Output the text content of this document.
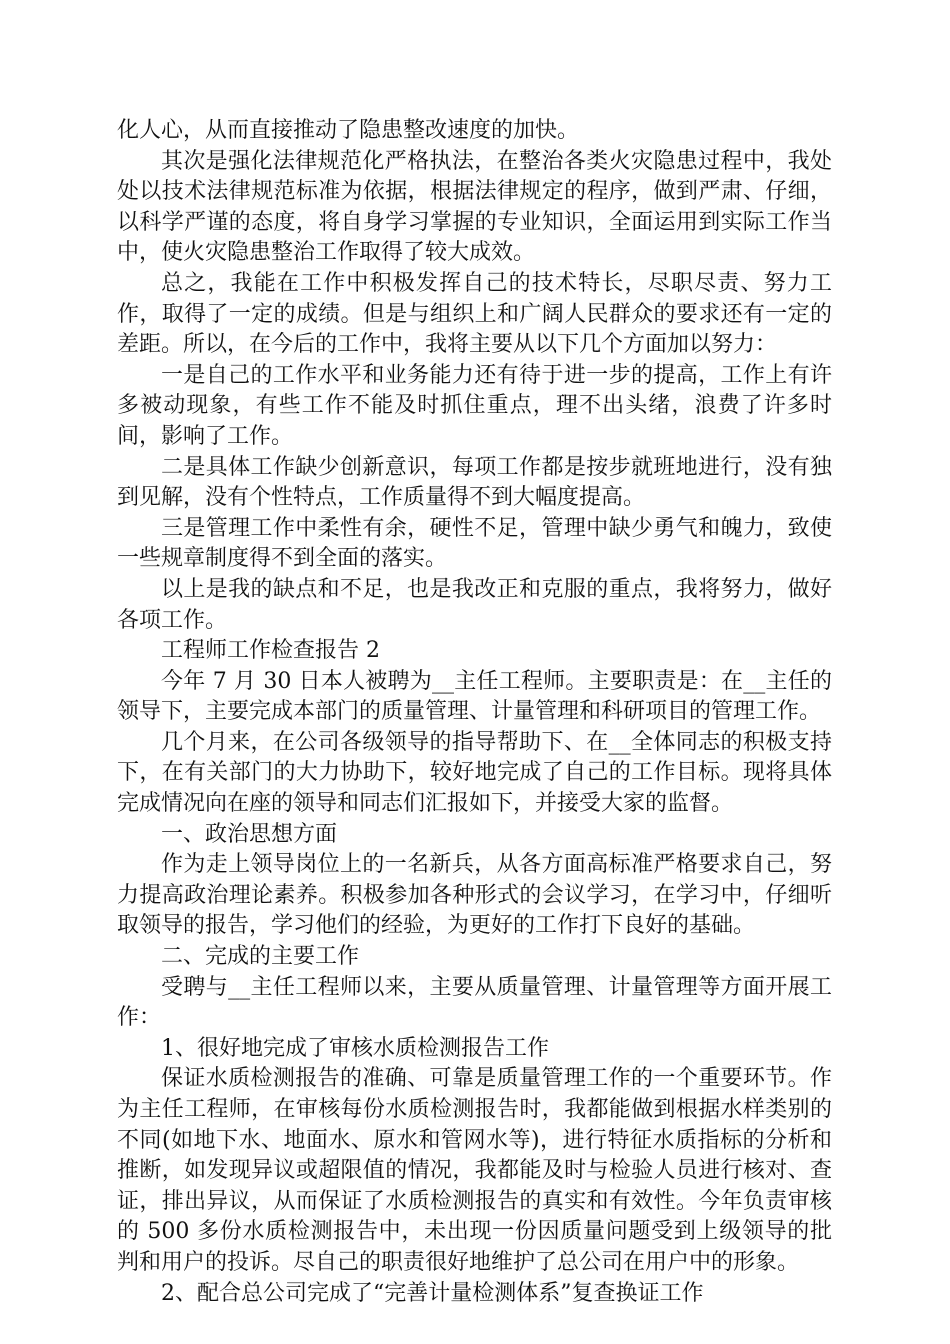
化人心，从而直接推动了隐患整改速度的加快。

其次是强化法律规范化严格执法，在整治各类火灾隐患过程中，我处处以技术法律规范标准为依据，根据法律规定的程序，做到严肃、仔细，以科学严谨的态度，将自身学习掌握的专业知识，全面运用到实际工作当中，使火灾隐患整治工作取得了较大成效。

总之，我能在工作中积极发挥自己的技术特长，尽职尽责、努力工作，取得了一定的成绩。但是与组织上和广阔人民群众的要求还有一定的差距。所以，在今后的工作中，我将主要从以下几个方面加以努力：

一是自己的工作水平和业务能力还有待于进一步的提高，工作上有许多被动现象，有些工作不能及时抓住重点，理不出头绪，浪费了许多时间，影响了工作。

二是具体工作缺少创新意识，每项工作都是按步就班地进行，没有独到见解，没有个性特点，工作质量得不到大幅度提高。

三是管理工作中柔性有余，硬性不足，管理中缺少勇气和魄力，致使一些规章制度得不到全面的落实。

以上是我的缺点和不足，也是我改正和克服的重点，我将努力，做好各项工作。

工程师工作检查报告 2

今年 7 月 30 日本人被聘为__主任工程师。主要职责是：在__主任的领导下，主要完成本部门的质量管理、计量管理和科研项目的管理工作。

几个月来，在公司各级领导的指导帮助下、在__全体同志的积极支持下，在有关部门的大力协助下，较好地完成了自己的工作目标。现将具体完成情况向在座的领导和同志们汇报如下，并接受大家的监督。

一、政治思想方面

作为走上领导岗位上的一名新兵，从各方面高标准严格要求自己，努力提高政治理论素养。积极参加各种形式的会议学习，在学习中，仔细听取领导的报告，学习他们的经验，为更好的工作打下良好的基础。

二、完成的主要工作

受聘与__主任工程师以来，主要从质量管理、计量管理等方面开展工作：

1、很好地完成了审核水质检测报告工作

保证水质检测报告的准确、可靠是质量管理工作的一个重要环节。作为主任工程师，在审核每份水质检测报告时，我都能做到根据水样类别的不同(如地下水、地面水、原水和管网水等)，进行特征水质指标的分析和推断，如发现异议或超限值的情况，我都能及时与检验人员进行核对、查证，排出异议，从而保证了水质检测报告的真实和有效性。今年负责审核的 500 多份水质检测报告中，未出现一份因质量问题受到上级领导的批判和用户的投诉。尽自己的职责很好地维护了总公司在用户中的形象。

2、配合总公司完成了“完善计量检测体系”复查换证工作
